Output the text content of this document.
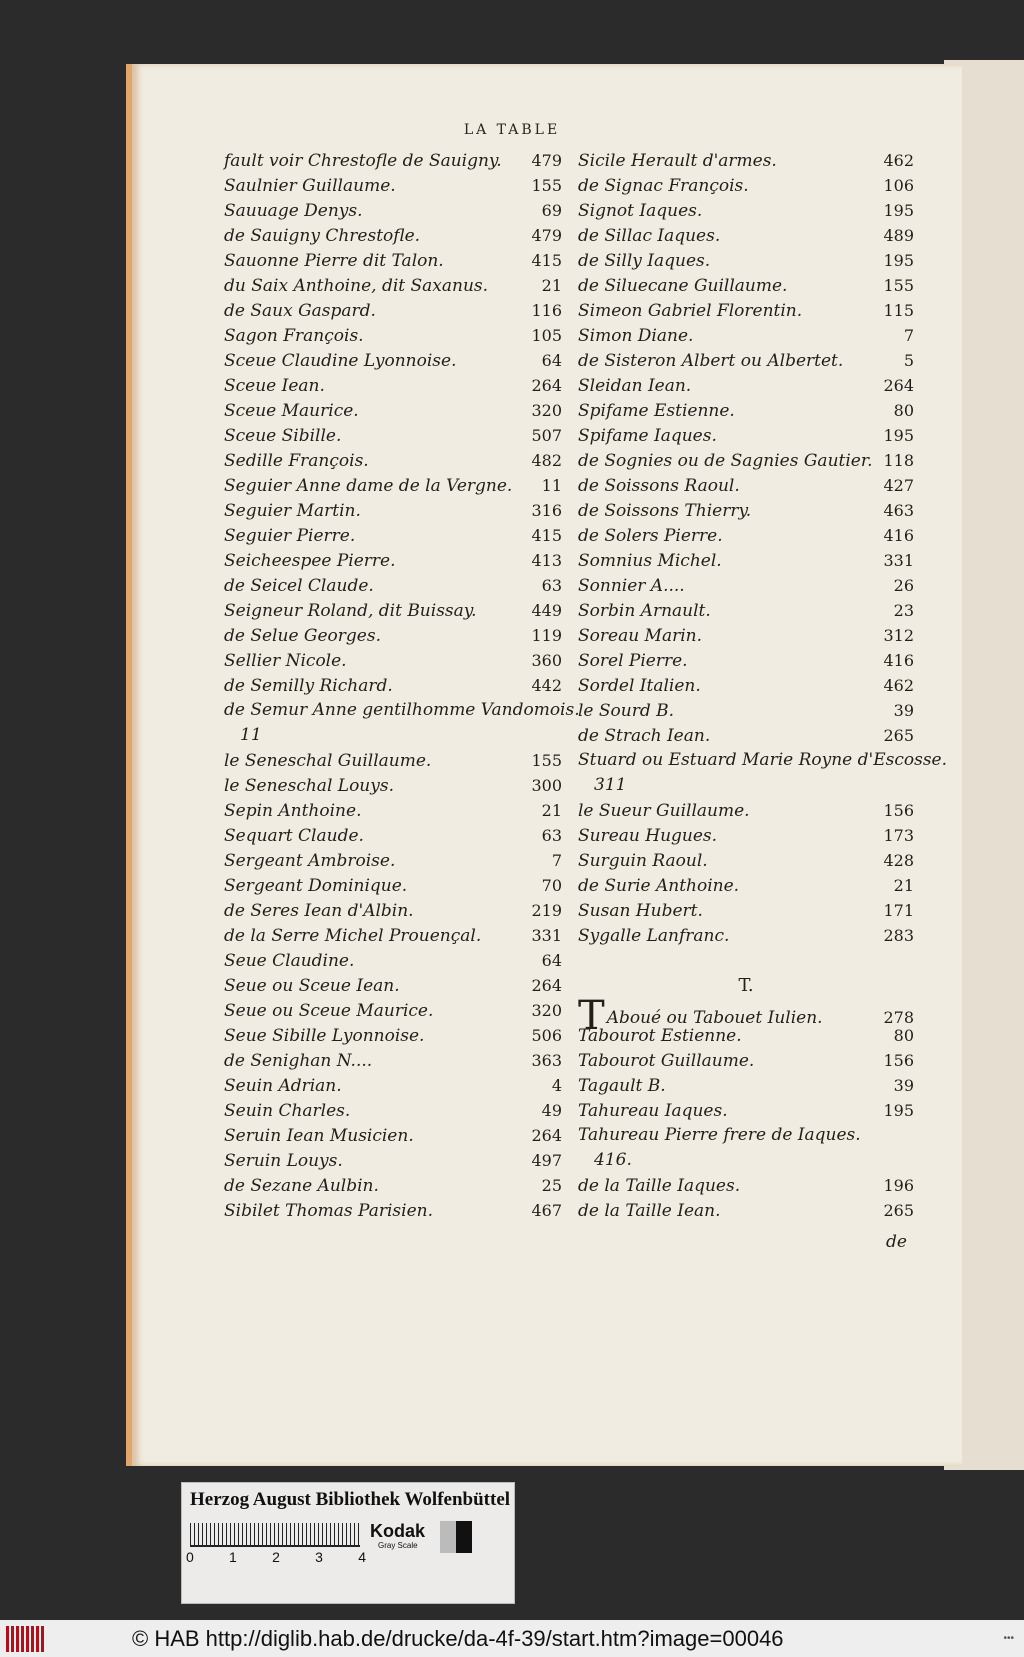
LA TABLE
fault voir Chrestofle de Sauigny. 479
Saulnier Guillaume.	155
Sauuage Denys.	69
de Sauigny Chrestofle.	479
Sauonne Pierre dit Talon.	415
du Saix Anthoine, dit Saxanus.	21
de Saux Gaspard.	116
Sagon François.	105
Sceue Claudine Lyonnoise.	64
Sceue Iean.	264
Sceue Maurice.	320
Sceue Sibille.	507
Sedille François.	482
Seguier Anne dame de la Vergne. 11
Seguier Martin.	316
Seguier Pierre.	415
Seicheespee Pierre.	413
de Seicel Claude.	63
Seigneur Roland, dit Buissay.	449
de Selue Georges.	119
Sellier Nicole.	360
de Semilly Richard.	442
de Semur Anne gentilhomme Vandomois.
11
le Seneschal Guillaume.	155
le Seneschal Louys.	300
Sepin Anthoine.	21
Sequart Claude.	63
Sergeant Ambroise.	7
Sergeant Dominique.	70
de Seres Iean d'Albin.	219
de la Serre Michel Prouençal.	331
Seue Claudine.	64
Seue ou Sceue Iean.	264
Seue ou Sceue Maurice.	320
Seue Sibille Lyonnoise.	506
de Senighan N....	363
Seuin Adrian.	4
Seuin Charles.	49
Seruin Iean Musicien.	264
Seruin Louys.	497
de Sezane Aulbin.	25
Sibilet Thomas Parisien.	467
Sicile Herault d'armes.	462
de Signac François.	106
Signot Iaques.	195
de Sillac Iaques.	489
de Silly Iaques.	195
de Siluecane Guillaume.	155
Simeon Gabriel Florentin.	115
Simon Diane.	7
de Sisteron Albert ou Albertet.	5
Sleidan Iean.	264
Spifame Estienne.	80
Spifame Iaques.	195
de Sognies ou de Sagnies Gautier. 118
de Soissons Raoul.	427
de Soissons Thierry.	463
de Solers Pierre.	416
Somnius Michel.	331
Sonnier A....	26
Sorbin Arnault.	23
Soreau Marin.	312
Sorel Pierre.	416
Sordel Italien.	462
le Sourd B.	39
de Strach Iean.	265
Stuard ou Estuard Marie Royne d'Escosse.
311
le Sueur Guillaume.	156
Sureau Hugues.	173
Surguin Raoul.	428
de Surie Anthoine.	21
Susan Hubert.	171
Sygalle Lanfranc.	283
T.
T Aboué ou Tabouet Iulien.	278
Tabourot Estienne.	80
Tabourot Guillaume.	156
Tagault B.	39
Tahureau Iaques.	195
Tahureau Pierre frere de Iaques.
416.
de la Taille Iaques.	196
de la Taille Iean.	265
de
Herzog August Bibliothek Wolfenbüttel
0	1	2	3	4
Kodak
Gray Scale
© HAB http://diglib.hab.de/drucke/da-4f-39/start.htm?image=00046	•••
